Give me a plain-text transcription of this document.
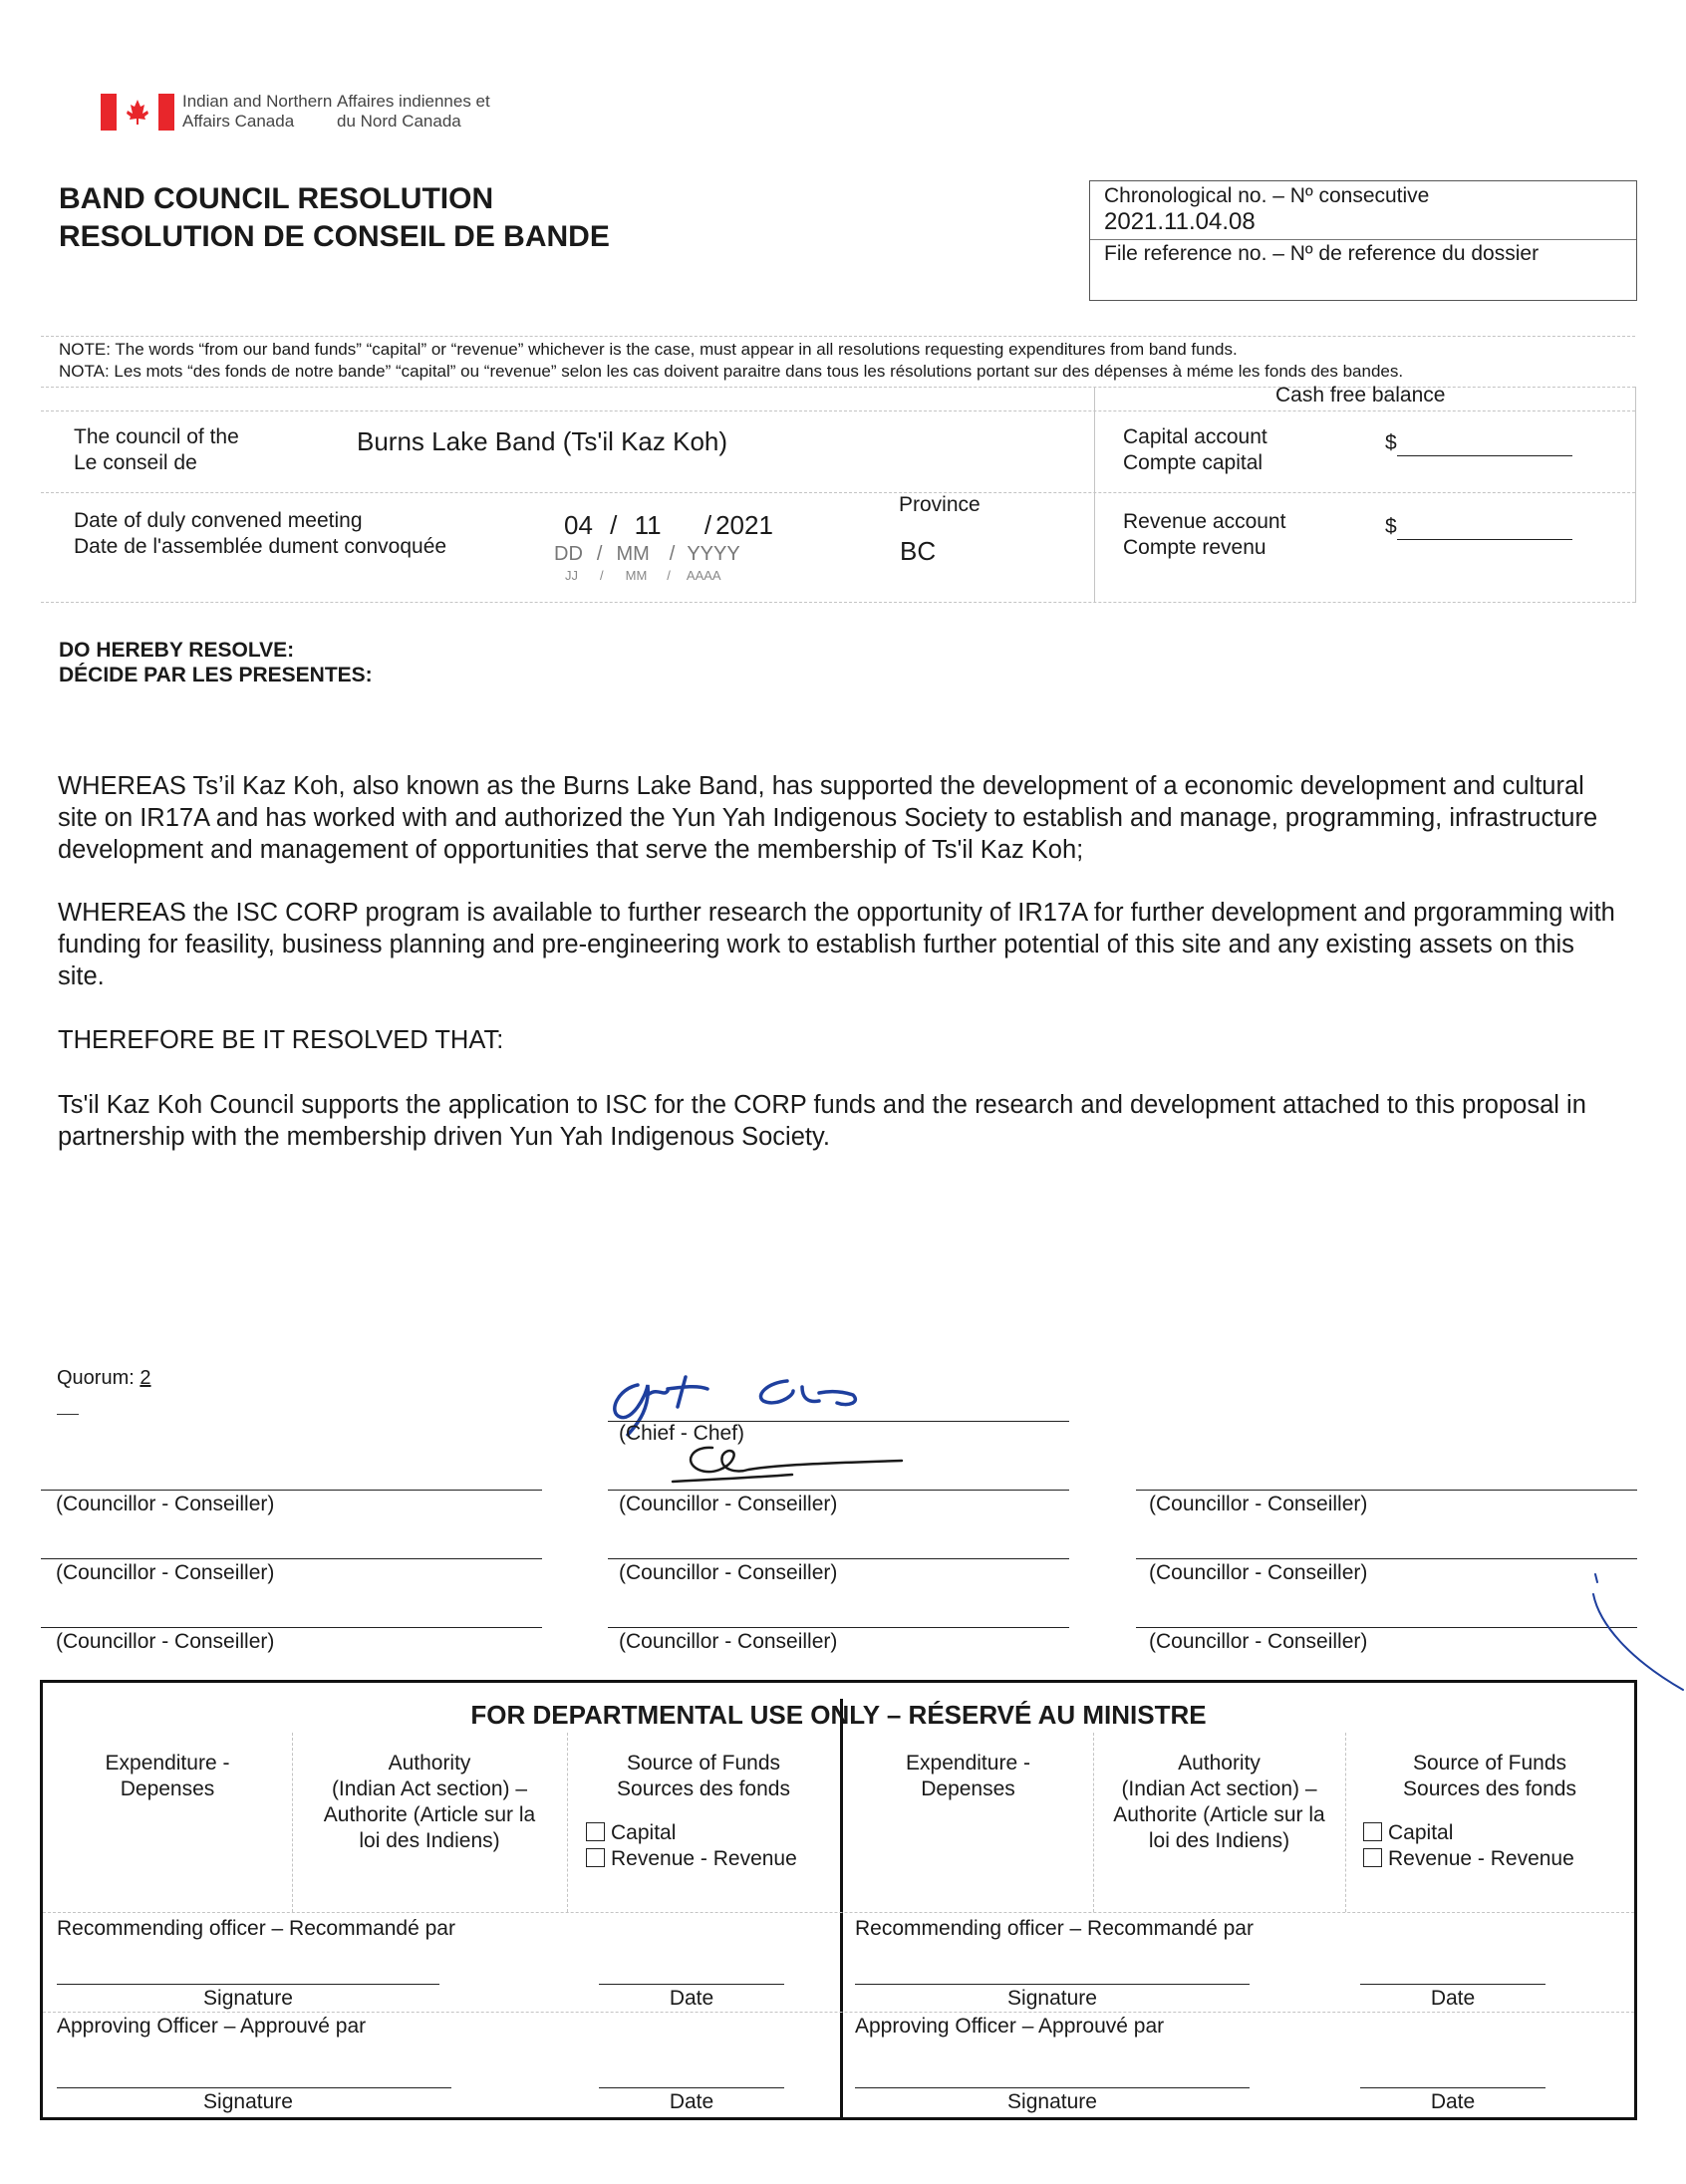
Indian and Northern
Affairs Canada
Affaires indiennes et
du Nord Canada
BAND COUNCIL RESOLUTION
RESOLUTION DE CONSEIL DE BANDE
Chronological no. – Nº consecutive
2021.11.04.08
File reference no. – Nº de reference du dossier
NOTE: The words “from our band funds” “capital” or “revenue” whichever is the case, must appear in all resolutions requesting expenditures from band funds.
NOTA: Les mots “des fonds de notre bande” “capital” ou “revenue” selon les cas doivent paraitre dans tous les résolutions portant sur des dépenses à méme les fonds des bandes.
Cash free balance
The council of the
Le conseil de
Burns Lake Band (Ts'il Kaz Koh)	Capital account
Compte capital
$
Date of duly convened meeting
Date de l'assemblée dument convoquée
04 / 11 / 2021
DD / MM / YYYY
JJ / MM / AAAA
Province
BC
Revenue account
Compte revenu
$
DO HEREBY RESOLVE:
DÉCIDE PAR LES PRESENTES:
WHEREAS Ts’il Kaz Koh, also known as the Burns Lake Band, has supported the development of a economic development and cultural site on IR17A and has worked with and authorized the Yun Yah Indigenous Society to establish and manage, programming, infrastructure development and management of opportunities that serve the membership of Ts'il Kaz Koh;
WHEREAS the ISC CORP program is available to further research the opportunity of IR17A for further development and prgoramming with funding for feasility, business planning and pre-engineering work to establish further potential of this site and any existing assets on this site.
THEREFORE BE IT RESOLVED THAT:
Ts'il Kaz Koh Council supports the application to ISC for the CORP funds and the research and development attached to this proposal in partnership with the membership driven Yun Yah Indigenous Society.
Quorum: 2
(Chief - Chef)
(Councillor - Conseiller)	(Councillor - Conseiller)	(Councillor - Conseiller)
(Councillor - Conseiller)	(Councillor - Conseiller)	(Councillor - Conseiller)
(Councillor - Conseiller)	(Councillor - Conseiller)	(Councillor - Conseiller)
FOR DEPARTMENTAL USE ONLY – RÉSERVÉ AU MINISTRE
Expenditure -
Depenses
Authority
(Indian Act section) –
Authorite (Article sur la
loi des Indiens)
Source of Funds
Sources des fonds
Capital
Revenue - Revenue
Expenditure -
Depenses
Authority
(Indian Act section) –
Authorite (Article sur la
loi des Indiens)
Source of Funds
Sources des fonds
Capital
Revenue - Revenue
Recommending officer – Recommandé par
Signature	Date
Recommending officer – Recommandé par
Signature	Date
Approving Officer – Approuvé par
Signature	Date
Approving Officer – Approuvé par
Signature	Date
